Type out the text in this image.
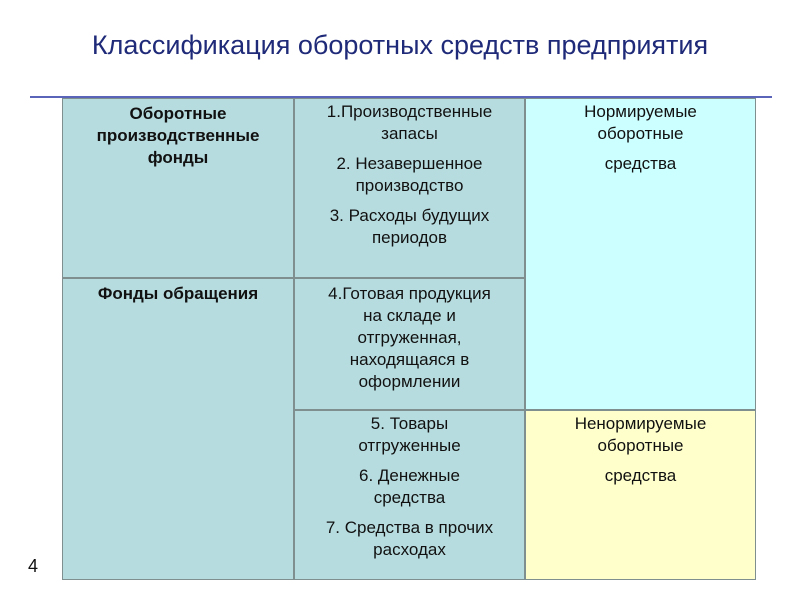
Классификация оборотных средств предприятия
Оборотные
производственные
фонды
Фонды обращения
1.Производственные
запасы
2. Незавершенное
производство
3. Расходы будущих
периодов
4.Готовая продукция
на складе и
отгруженная,
находящаяся в
оформлении
5. Товары
отгруженные
6. Денежные
средства
7. Средства в прочих
расходах
Нормируемые
оборотные
средства
Ненормируемые
оборотные
средства
4
